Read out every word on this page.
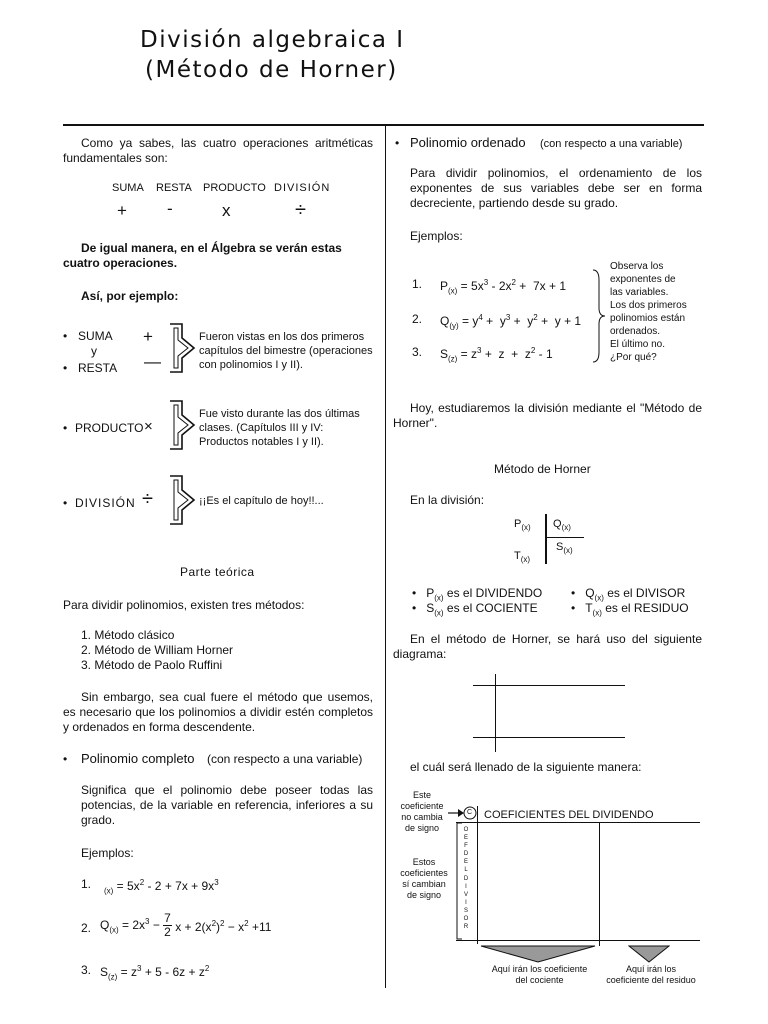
División algebraica I
(Método de Horner)
Como ya sabes, las cuatro operaciones aritméticas fundamentales son:
SUMA RESTA PRODUCTO DIVISIÓN
+ -	x	÷
De igual manera, en el Álgebra se verán estas cuatro operaciones.
Así, por ejemplo:
• SUMA
y
• RESTA
+
—
Fueron vistas en los dos primeros capítulos del bimestre (operaciones con polinomios I y II).
• PRODUCTO ×
Fue visto durante las dos últimas clases. (Capítulos III y IV: Productos notables I y II).
• DIVISIÓN ÷	¡¡Es el capítulo de hoy!!...
Parte teórica
Para dividir polinomios, existen tres métodos:
1. Método clásico
2. Método de William Horner
3. Método de Paolo Ruffini
Sin embargo, sea cual fuere el método que usemos, es necesario que los polinomios a dividir estén completos y ordenados en forma descendente.
• Polinomio completo (con respecto a una variable)
Significa que el polinomio debe poseer todas las potencias, de la variable en referencia, inferiores a su grado.
Ejemplos:
1. $_{(x)} = 5x^2 - 2 + 7x + 9x^3$
2. $Q_{(x)} = 2x^3 - \frac{7}{2}$ $x + 2(x^2)^2 - x^2 +11$
3. $S_{(z)} = z^3 + 5 - 6z + z^2$
• Polinomio ordenado (con respecto a una variable)
Para dividir polinomios, el ordenamiento de los exponentes de sus variables debe ser en forma decreciente, partiendo desde su grado.
Ejemplos:
1. $P_{(x)} = 5x^3 - 2x^2 + 7x + 1$
2. $Q_{(y)} = y^4 + y^3 + y^2 + y + 1$
3. $S_{(z)} = z^3 + z + z^2 - 1$
Observa los
exponentes de
las variables.
Los dos primeros
polinomios están
ordenados.
El último no.
¿Por qué?
Hoy, estudiaremos la división mediante el "Método de Horner".
Método de Horner
En la división:
$P_{(x)}$ $Q_{(x)}$
$S_{(x)}$
$T_{(x)}$
•   $P_{(x)}$ es el DIVIDENDO •   $Q_{(x)}$ es el DIVISOR
•   $S_{(x)}$ es el COCIENTE	•   $T_{(x)}$ es el RESIDUO
En el método de Horner, se hará uso del siguiente diagrama:
el cuál será llenado de la siguiente manera:
Este
coeficiente
no cambia
de signo
C
Estos
coeficientes
sí cambian
de signo
O
E
F
D
E
L
D
I
V
I
S
O
R
COEFICIENTES DEL DIVIDENDO
Aquí irán los coeficiente
del cociente
Aquí irán los
coeficiente del residuo
